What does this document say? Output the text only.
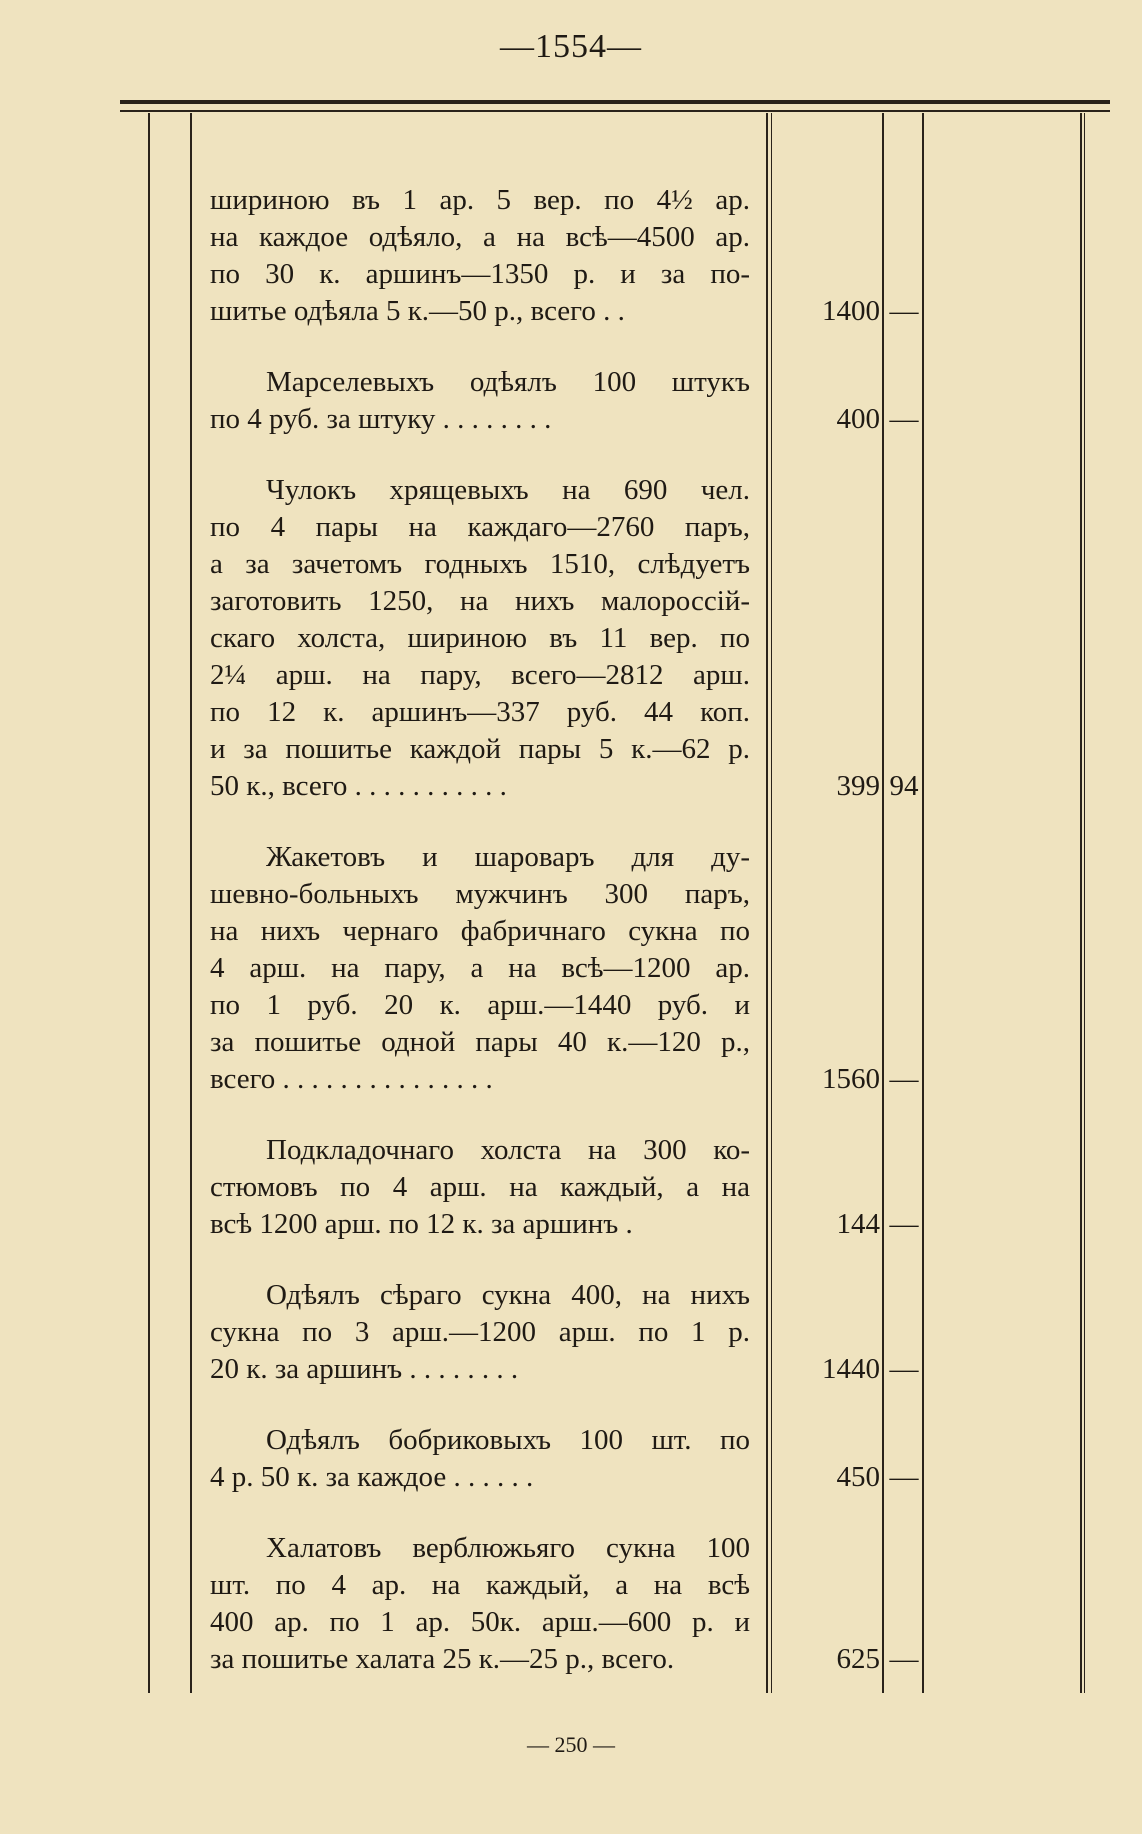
—1554—
шириною въ 1 ар. 5 вер. по 4½ ар.
на каждое одѣяло, а на всѣ—4500 ар.
по 30 к. аршинъ—1350 р. и за по-
шитье одѣяла 5 к.—50 р., всего . .	1400 —
Марселевыхъ одѣялъ 100 штукъ
по 4 руб. за штуку . . . . . . . .	400 —
Чулокъ хрящевыхъ на 690 чел.
по 4 пары на каждаго—2760 паръ,
а за зачетомъ годныхъ 1510, слѣдуетъ
заготовить 1250, на нихъ малороссій-
скаго холста, шириною въ 11 вер. по
2¼ арш. на пару, всего—2812 арш.
по 12 к. аршинъ—337 руб. 44 коп.
и за пошитье каждой пары 5 к.—62 р.
50 к., всего . . . . . . . . . . .	399 94
Жакетовъ и шароваръ для ду-
шевно-больныхъ мужчинъ 300 паръ,
на нихъ чернаго фабричнаго сукна по
4 арш. на пару, а на всѣ—1200 ар.
по 1 руб. 20 к. арш.—1440 руб. и
за пошитье одной пары 40 к.—120 р.,
всего . . . . . . . . . . . . . . .	1560 —
Подкладочнаго холста на 300 ко-
стюмовъ по 4 арш. на каждый, а на
всѣ 1200 арш. по 12 к. за аршинъ .	144 —
Одѣялъ сѣраго сукна 400, на нихъ
сукна по 3 арш.—1200 арш. по 1 р.
20 к. за аршинъ . . . . . . . .	1440 —
Одѣялъ бобриковыхъ 100 шт. по
4 р. 50 к. за каждое . . . . . .	450 —
Халатовъ верблюжьяго сукна 100
шт. по 4 ар. на каждый, а на всѣ
400 ар. по 1 ар. 50к. арш.—600 р. и
за пошитье халата 25 к.—25 р., всего.	625 —
— 250 —
